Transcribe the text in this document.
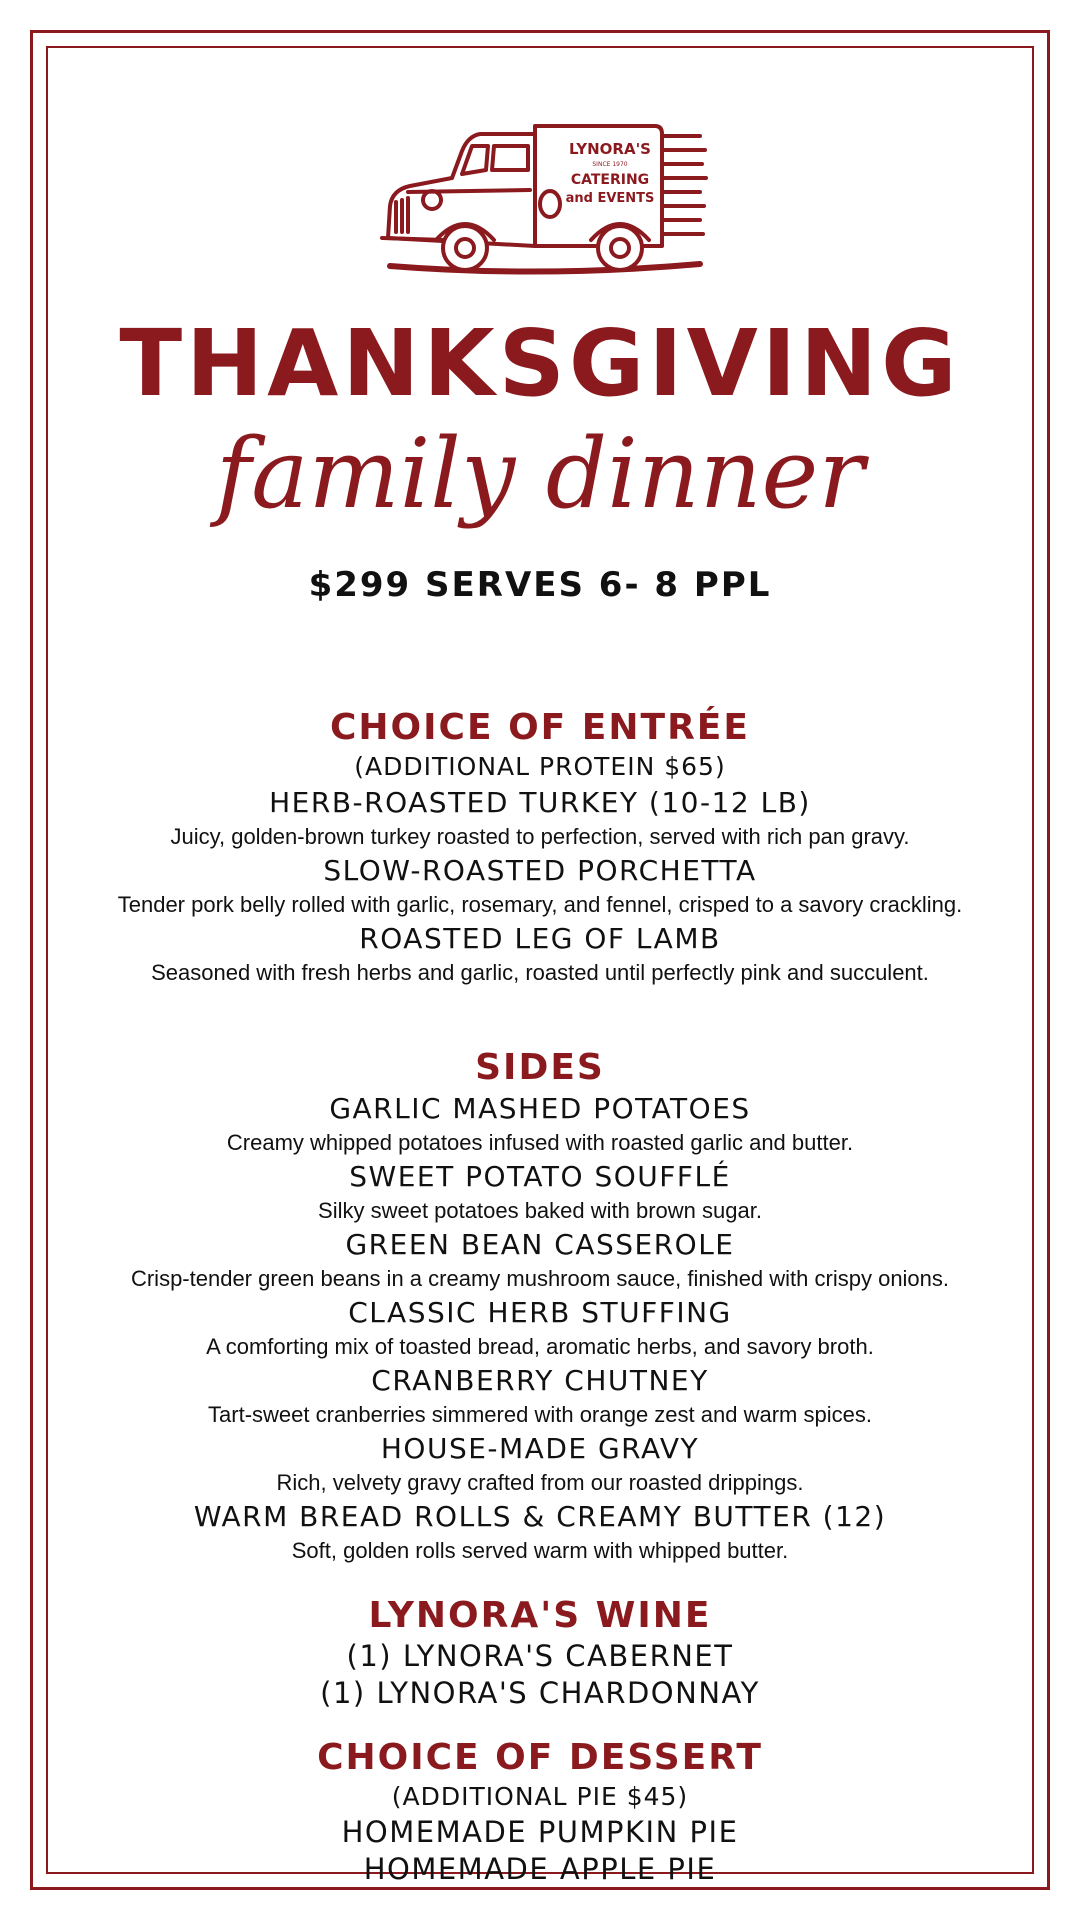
LYNORA'S
SINCE 1970
CATERING
and EVENTS
THANKSGIVING
family dinner
$299 SERVES 6- 8 PPL
CHOICE OF ENTRÉE
(ADDITIONAL PROTEIN $65)
HERB-ROASTED TURKEY (10-12 LB)
Juicy, golden-brown turkey roasted to perfection, served with rich pan gravy.
SLOW-ROASTED PORCHETTA
Tender pork belly rolled with garlic, rosemary, and fennel, crisped to a savory crackling.
ROASTED LEG OF LAMB
Seasoned with fresh herbs and garlic, roasted until perfectly pink and succulent.
SIDES
GARLIC MASHED POTATOES
Creamy whipped potatoes infused with roasted garlic and butter.
SWEET POTATO SOUFFLÉ
Silky sweet potatoes baked with brown sugar.
GREEN BEAN CASSEROLE
Crisp-tender green beans in a creamy mushroom sauce, finished with crispy onions.
CLASSIC HERB STUFFING
A comforting mix of toasted bread, aromatic herbs, and savory broth.
CRANBERRY CHUTNEY
Tart-sweet cranberries simmered with orange zest and warm spices.
HOUSE-MADE GRAVY
Rich, velvety gravy crafted from our roasted drippings.
WARM BREAD ROLLS & CREAMY BUTTER (12)
Soft, golden rolls served warm with whipped butter.
LYNORA'S WINE
(1) LYNORA'S CABERNET
(1) LYNORA'S CHARDONNAY
CHOICE OF DESSERT
(ADDITIONAL PIE $45)
HOMEMADE PUMPKIN PIE
HOMEMADE APPLE PIE
